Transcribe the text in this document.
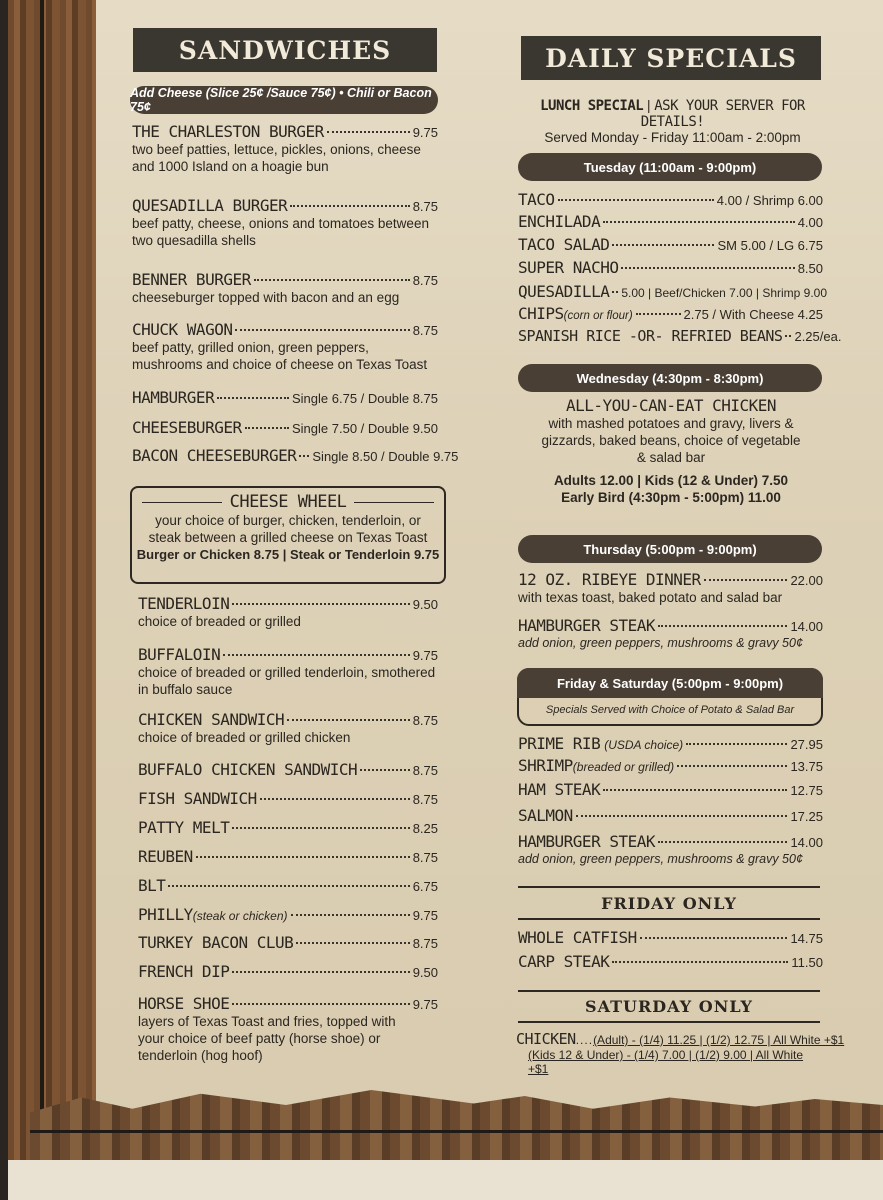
SANDWICHES
Add Cheese (Slice 25¢ /Sauce 75¢) • Chili or Bacon 75¢
THE CHARLESTON BURGER	9.75
two beef patties, lettuce, pickles, onions, cheese and 1000 Island on a hoagie bun
QUESADILLA BURGER	8.75
beef patty, cheese, onions and tomatoes between two quesadilla shells
BENNER BURGER	8.75
cheeseburger topped with bacon and an egg
CHUCK WAGON	8.75
beef patty, grilled onion, green peppers, mushrooms and choice of cheese on Texas Toast
HAMBURGER	Single 6.75 / Double 8.75
CHEESEBURGER	Single 7.50 / Double 9.50
BACON CHEESEBURGER Single 8.50 / Double 9.75
CHEESE WHEEL
your choice of burger, chicken, tenderloin, or steak between a grilled cheese on Texas Toast
Burger or Chicken 8.75 | Steak or Tenderloin 9.75
TENDERLOIN	9.50
choice of breaded or grilled
BUFFALOIN	9.75
choice of breaded or grilled tenderloin, smothered in buffalo sauce
CHICKEN SANDWICH	8.75
choice of breaded or grilled chicken
BUFFALO CHICKEN SANDWICH	8.75
FISH SANDWICH	8.75
PATTY MELT	8.25
REUBEN	8.75
BLT	6.75
PHILLY (steak or chicken)	9.75
TURKEY BACON CLUB	8.75
FRENCH DIP	9.50
HORSE SHOE	9.75
layers of Texas Toast and fries, topped with your choice of beef patty (horse shoe) or tenderloin (hog hoof)
DAILY SPECIALS
LUNCH SPECIAL | ASK YOUR SERVER FOR DETAILS!
Served Monday - Friday 11:00am - 2:00pm
Tuesday (11:00am - 9:00pm)
TACO	4.00 / Shrimp 6.00
ENCHILADA	4.00
TACO SALAD	SM 5.00 / LG 6.75
SUPER NACHO	8.50
QUESADILLA 5.00 | Beef/Chicken 7.00 | Shrimp 9.00
CHIPS (corn or flour)	2.75 / With Cheese 4.25
SPANISH RICE -OR- REFRIED BEANS 2.25/ea.
Wednesday (4:30pm - 8:30pm)
ALL-YOU-CAN-EAT CHICKEN
with mashed potatoes and gravy, livers & gizzards, baked beans, choice of vegetable & salad bar
Adults 12.00 | Kids (12 & Under) 7.50
Early Bird (4:30pm - 5:00pm) 11.00
Thursday (5:00pm - 9:00pm)
12 OZ. RIBEYE DINNER	22.00
with texas toast, baked potato and salad bar
HAMBURGER STEAK	14.00
add onion, green peppers, mushrooms & gravy 50¢
Friday & Saturday (5:00pm - 9:00pm)
Specials Served with Choice of Potato & Salad Bar
PRIME RIB (USDA choice)	27.95
SHRIMP (breaded or grilled)	13.75
HAM STEAK	12.75
SALMON	17.25
HAMBURGER STEAK	14.00
add onion, green peppers, mushrooms & gravy 50¢
FRIDAY ONLY
WHOLE CATFISH	14.75
CARP STEAK	11.50
SATURDAY ONLY
CHICKEN .... (Adult) - (1/4) 11.25 | (1/2) 12.75 | All White +$1
(Kids 12 & Under) - (1/4) 7.00 | (1/2) 9.00 | All White +$1
